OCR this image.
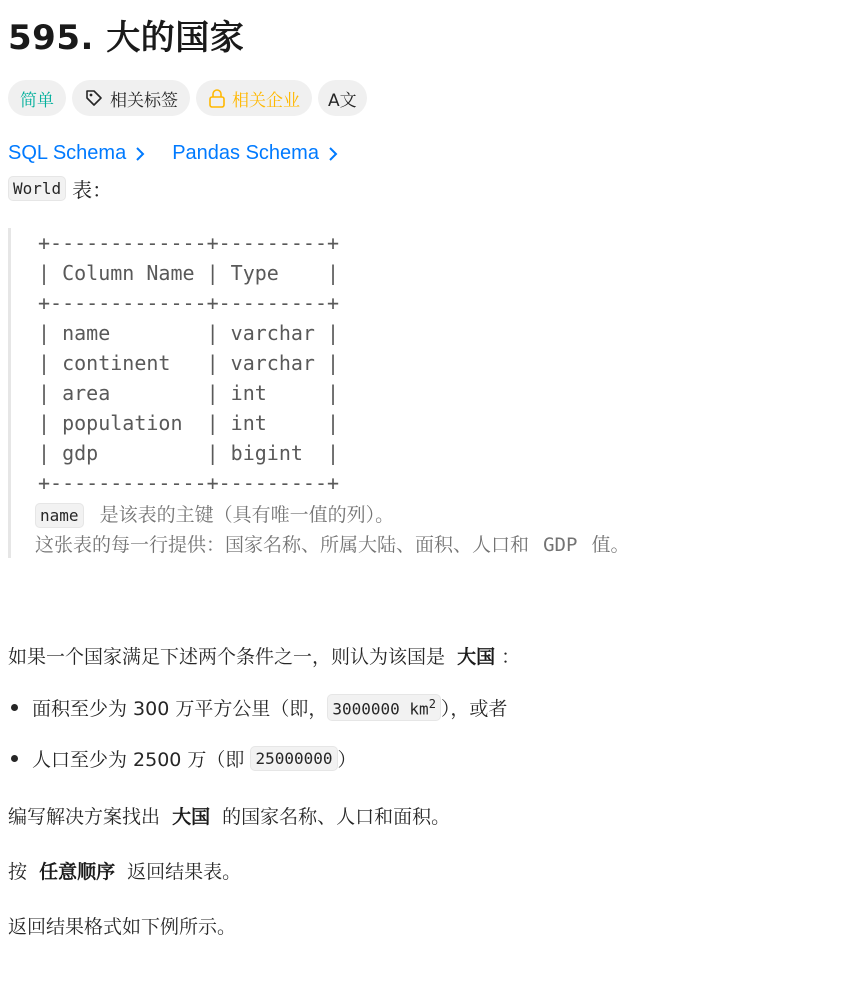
595. 大的国家
简单	相关标签	相关企业 A文
SQL Schema Pandas Schema
World 表：
+-------------+---------+
| Column Name | Type    |
+-------------+---------+
| name        | varchar |
| continent   | varchar |
| area        | int     |
| population  | int     |
| gdp         | bigint  |
+-------------+---------+
name 是该表的主键（具有唯一值的列）。
这张表的每一行提供：国家名称、所属大陆、面积、人口和 GDP 值。
如果一个国家满足下述两个条件之一，则认为该国是 大国 ：
面积至少为 300 万平方公里（即， 3000000 $km^2$ ），或者
人口至少为 2500 万（即 25000000 ）
编写解决方案找出 大国 的国家名称、人口和面积。
按 任意顺序 返回结果表。
返回结果格式如下例所示。
